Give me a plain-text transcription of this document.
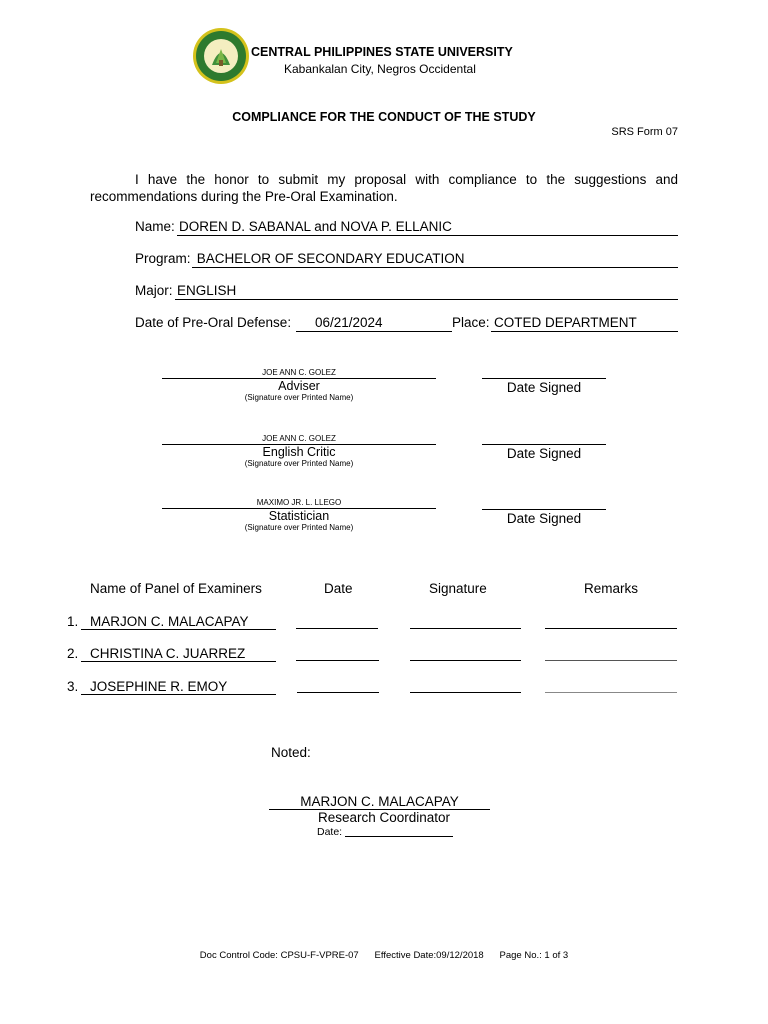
CENTRAL PHILIPPINES STATE UNIVERSITY
Kabankalan City, Negros Occidental
COMPLIANCE FOR THE CONDUCT OF THE STUDY
SRS Form 07
I have the honor to submit my proposal with compliance to the suggestions and recommendations during the Pre-Oral Examination.
Name: DOREN D. SABANAL and NOVA P. ELLANIC
Program: BACHELOR OF SECONDARY EDUCATION
Major: ENGLISH
Date of Pre-Oral Defense: 06/21/2024	Place: COTED DEPARTMENT
JOE ANN C. GOLEZ
Adviser
(Signature over Printed Name)
Date Signed
JOE ANN C. GOLEZ
English Critic
(Signature over Printed Name)
Date Signed
MAXIMO JR. L. LLEGO
Statistician
(Signature over Printed Name)
Date Signed
Name of Panel of Examiners	Date	Signature	Remarks
1. MARJON C. MALACAPAY
2. CHRISTINA C. JUARREZ
3. JOSEPHINE R. EMOY
Noted:
MARJON C. MALACAPAY
Research Coordinator
Date:
Doc Control Code: CPSU-F-VPRE-07      Effective Date:09/12/2018      Page No.: 1 of 3
